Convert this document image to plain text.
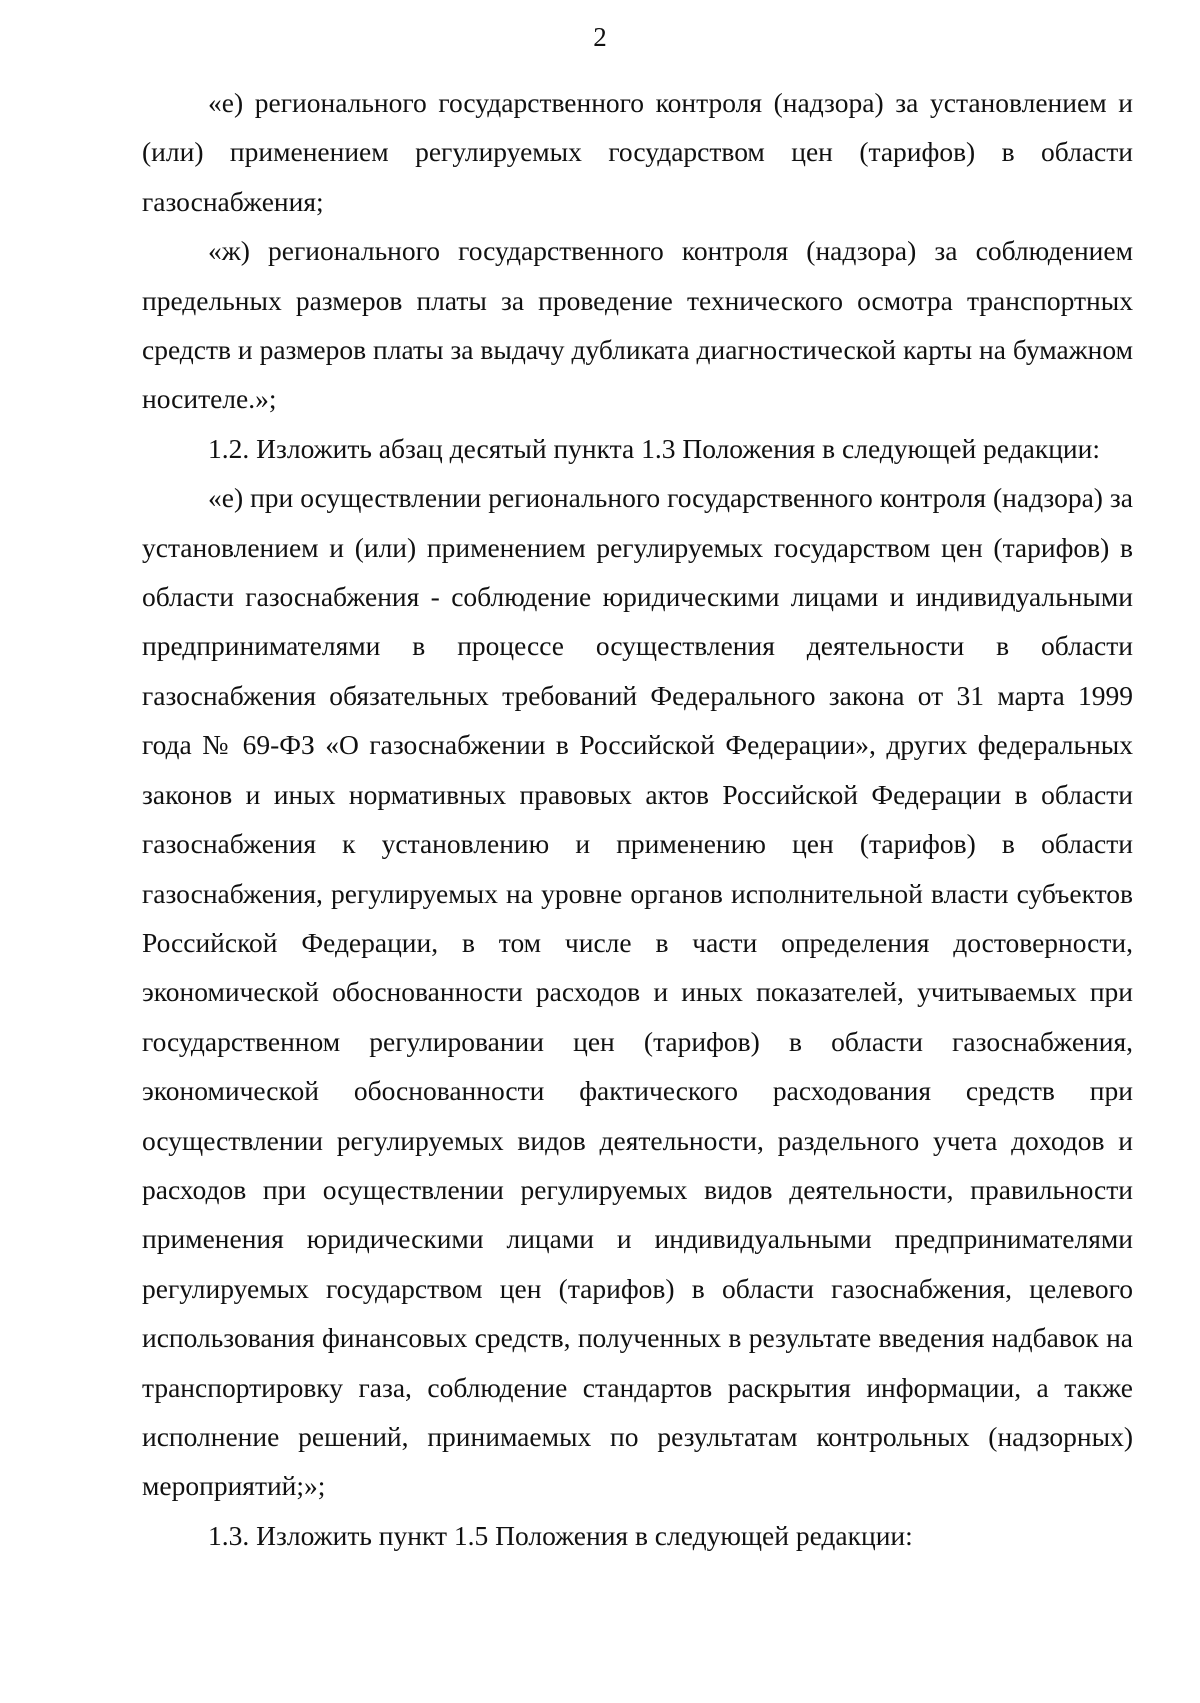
2

«е) регионального государственного контроля (надзора) за установлением и (или) применением регулируемых государством цен (тарифов) в области газоснабжения;

«ж) регионального государственного контроля (надзора) за соблюдением предельных размеров платы за проведение технического осмотра транспортных средств и размеров платы за выдачу дубликата диагностической карты на бумажном носителе.»;

1.2. Изложить абзац десятый пункта 1.3 Положения в следующей редакции:

«е) при осуществлении регионального государственного контроля (надзора) за установлением и (или) применением регулируемых государством цен (тарифов) в области газоснабжения - соблюдение юридическими лицами и индивидуальными предпринимателями в процессе осуществления деятельности в области газоснабжения обязательных требований Федерального закона от 31 марта 1999 года № 69-ФЗ «О газоснабжении в Российской Федерации», других федеральных законов и иных нормативных правовых актов Российской Федерации в области газоснабжения к установлению и применению цен (тарифов) в области газоснабжения, регулируемых на уровне органов исполнительной власти субъектов Российской Федерации, в том числе в части определения достоверности, экономической обоснованности расходов и иных показателей, учитываемых при государственном регулировании цен (тарифов) в области газоснабжения, экономической обоснованности фактического расходования средств при осуществлении регулируемых видов деятельности, раздельного учета доходов и расходов при осуществлении регулируемых видов деятельности, правильности применения юридическими лицами и индивидуальными предпринимателями регулируемых государством цен (тарифов) в области газоснабжения, целевого использования финансовых средств, полученных в результате введения надбавок на транспортировку газа, соблюдение стандартов раскрытия информации, а также исполнение решений, принимаемых по результатам контрольных (надзорных) мероприятий;»;

1.3. Изложить пункт 1.5 Положения в следующей редакции:
